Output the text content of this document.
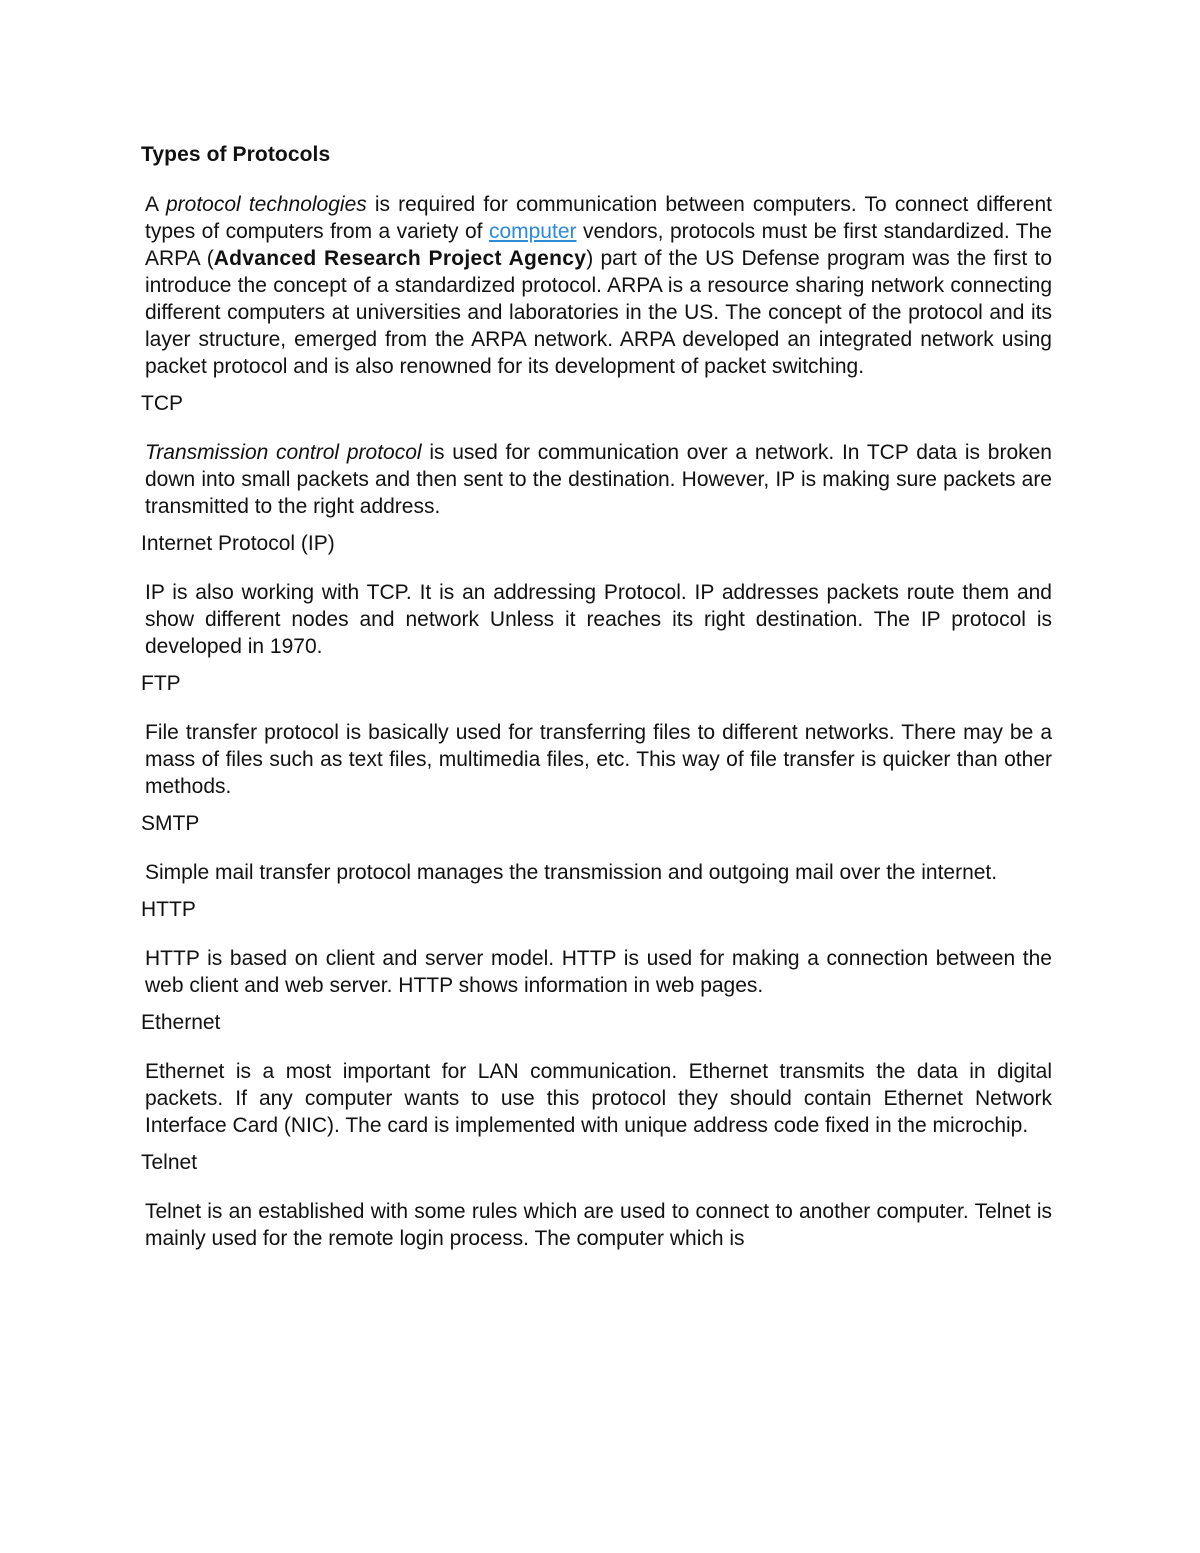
Types of Protocols

A protocol technologies is required for communication between computers. To connect different types of computers from a variety of computer vendors, protocols must be first standardized. The ARPA (Advanced Research Project Agency) part of the US Defense program was the first to introduce the concept of a standardized protocol. ARPA is a resource sharing network connecting different computers at universities and laboratories in the US. The concept of the protocol and its layer structure, emerged from the ARPA network. ARPA developed an integrated network using packet protocol and is also renowned for its development of packet switching.

TCP

Transmission control protocol is used for communication over a network. In TCP data is broken down into small packets and then sent to the destination. However, IP is making sure packets are transmitted to the right address.

Internet Protocol (IP)

IP is also working with TCP. It is an addressing Protocol. IP addresses packets route them and show different nodes and network Unless it reaches its right destination. The IP protocol is developed in 1970.

FTP

File transfer protocol is basically used for transferring files to different networks. There may be a mass of files such as text files, multimedia files, etc. This way of file transfer is quicker than other methods.

SMTP

Simple mail transfer protocol manages the transmission and outgoing mail over the internet.

HTTP

HTTP is based on client and server model. HTTP is used for making a connection between the web client and web server. HTTP shows information in web pages.

Ethernet

Ethernet is a most important for LAN communication. Ethernet transmits the data in digital packets. If any computer wants to use this protocol they should contain Ethernet Network Interface Card (NIC). The card is implemented with unique address code fixed in the microchip.

Telnet

Telnet is an established with some rules which are used to connect to another computer. Telnet is mainly used for the remote login process. The computer which is
